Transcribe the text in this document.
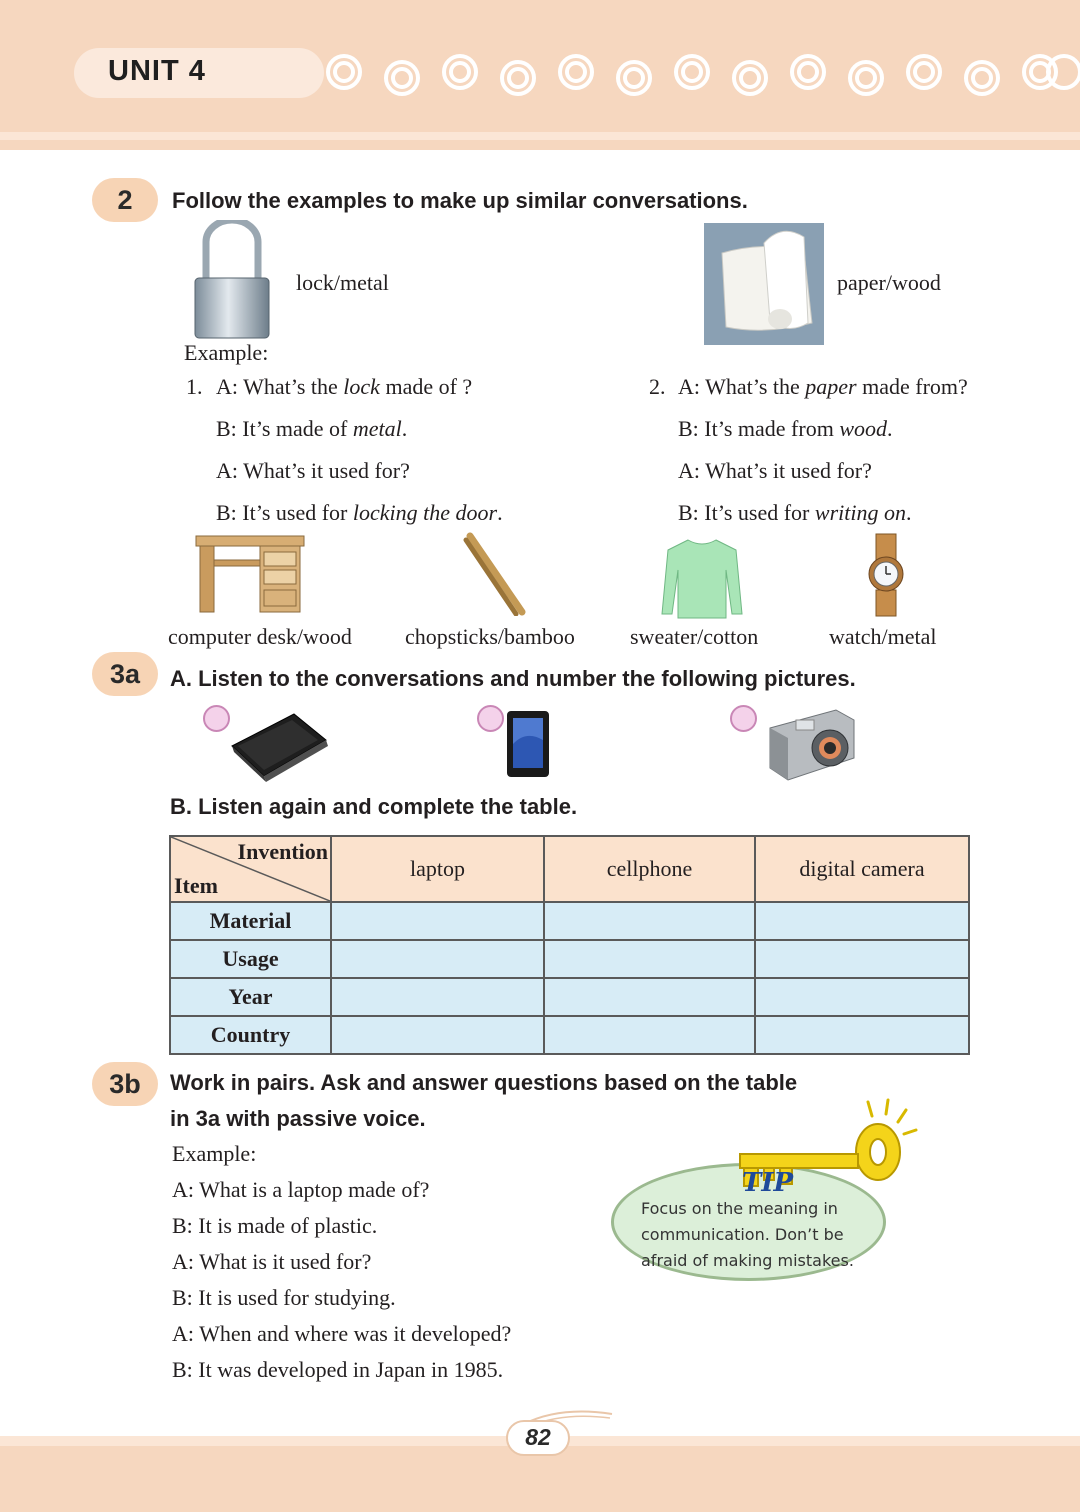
UNIT 4
2	Follow the examples to make up similar conversations.
lock/metal	paper/wood
Example:
1. A: What’s the lock made of ?
B: It’s made of metal.
A: What’s it used for?
B: It’s used for locking the door.
2. A: What’s the paper made from?
B: It’s made from wood.
A: What’s it used for?
B: It’s used for writing on.
computer desk/wood chopsticks/bamboo	sweater/cotton	watch/metal
3a	A. Listen to the conversations and number the following pictures.
B. Listen again and complete the table.
Invention
Item	laptop	cellphone	digital camera
Material			
Usage			
Year			
Country			
3b	Work in pairs. Ask and answer questions based on the table
in 3a with passive voice.
Example:
A: What is a laptop made of?
B: It is made of plastic.
A: What is it used for?
B: It is used for studying.
A: When and where was it developed?
B: It was developed in Japan in 1985.
TIP
Focus on the meaning in
communication. Don’t be
afraid of making mistakes.
82
